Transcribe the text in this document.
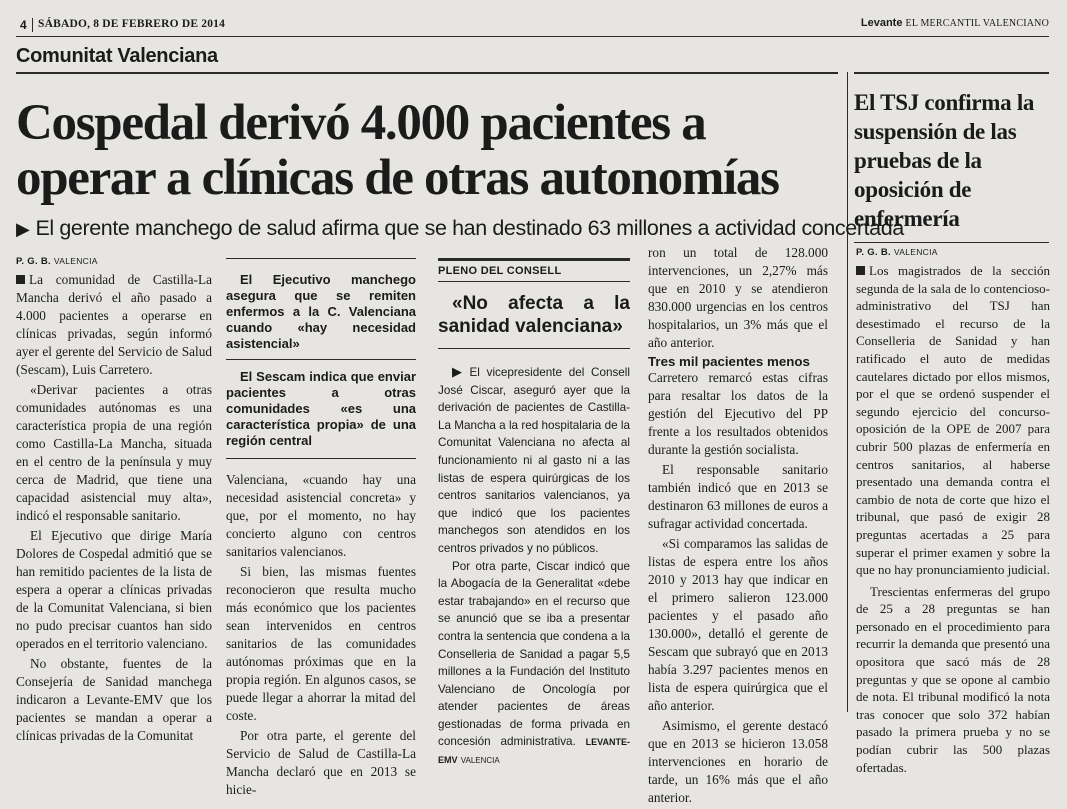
4 SÁBADO, 8 DE FEBRERO DE 2014	Levante EL MERCANTIL VALENCIANO
Comunitat Valenciana
Cospedal derivó 4.000 pacientes a operar a clínicas de otras autonomías
▶ El gerente manchego de salud afirma que se han destinado 63 millones a actividad concertada
P. G. B. VALENCIA

La comunidad de Castilla-La Mancha derivó el año pasado a 4.000 pacientes a operarse en clínicas privadas, según informó ayer el gerente del Servicio de Salud (Sescam), Luis Carretero.

«Derivar pacientes a otras comunidades autónomas es una característica propia de una región como Castilla-La Mancha, situada en el centro de la península y muy cerca de Madrid, que tiene una capacidad asistencial muy alta», indicó el responsable sanitario.

El Ejecutivo que dirige María Dolores de Cospedal admitió que se han remitido pacientes de la lista de espera a operar a clínicas privadas de la Comunitat Valenciana, si bien no pudo precisar cuantos han sido operados en el territorio valenciano.

No obstante, fuentes de la Consejería de Sanidad manchega indicaron a Levante-EMV que los pacientes se mandan a operar a clínicas privadas de la Comunitat

El Ejecutivo manchego asegura que se remiten enfermos a la C. Valenciana cuando «hay necesidad asistencial»

El Sescam indica que enviar pacientes a otras comunidades «es una característica propia» de una región central

Valenciana, «cuando hay una necesidad asistencial concreta» y que, por el momento, no hay concierto alguno con centros sanitarios valencianos.

Si bien, las mismas fuentes reconocieron que resulta mucho más económico que los pacientes sean intervenidos en centros sanitarios de las comunidades autónomas próximas que en la propia región. En algunos casos, se puede llegar a ahorrar la mitad del coste.

Por otra parte, el gerente del Servicio de Salud de Castilla-La Mancha declaró que en 2013 se hicie-

PLENO DEL CONSELL

«No afecta a la sanidad valenciana»

▶ El vicepresidente del Consell José Ciscar, aseguró ayer que la derivación de pacientes de Castilla-La Mancha a la red hospitalaria de la Comunitat Valenciana no afecta al funcionamiento ni al gasto ni a las listas de espera quirúrgicas de los centros sanitarios valencianos, ya que indicó que los pacientes manchegos son atendidos en los centros privados y no públicos.

Por otra parte, Ciscar indicó que la Abogacía de la Generalitat «debe estar trabajando» en el recurso que se anunció que se iba a presentar contra la sentencia que condena a la Conselleria de Sanidad a pagar 5,5 millones a la Fundación del Instituto Valenciano de Oncología por atender pacientes de áreas gestionadas de forma privada en concesión administrativa. LEVANTE-EMV VALENCIA

ron un total de 128.000 intervenciones, un 2,27% más que en 2010 y se atendieron 830.000 urgencias en los centros hospitalarios, un 3% más que el año anterior.

Tres mil pacientes menos

Carretero remarcó estas cifras para resaltar los datos de la gestión del Ejecutivo del PP frente a los resultados obtenidos durante la gestión socialista.

El responsable sanitario también indicó que en 2013 se destinaron 63 millones de euros a sufragar actividad concertada.

«Si comparamos las salidas de listas de espera entre los años 2010 y 2013 hay que indicar en el primero salieron 123.000 pacientes y el pasado año 130.000», detalló el gerente de Sescam que subrayó que en 2013 había 3.297 pacientes menos en lista de espera quirúrgica que el año anterior.

Asimismo, el gerente destacó que en 2013 se hicieron 13.058 intervenciones en horario de tarde, un 16% más que el año anterior.

El TSJ confirma la suspensión de las pruebas de la oposición de enfermería
P. G. B. VALENCIA

Los magistrados de la sección segunda de la sala de lo contencioso-administrativo del TSJ han desestimado el recurso de la Conselleria de Sanidad y han ratificado el auto de medidas cautelares dictado por ellos mismos, por el que se ordenó suspender el segundo ejercicio del concurso-oposición de la OPE de 2007 para cubrir 500 plazas de enfermería en centros sanitarios, al haberse presentado una demanda contra el cambio de nota de corte que hizo el tribunal, que pasó de exigir 28 preguntas acertadas a 25 para superar el primer examen y sobre la que no hay pronunciamiento judicial.

Trescientas enfermeras del grupo de 25 a 28 preguntas se han personado en el procedimiento para recurrir la demanda que presentó una opositora que sacó más de 28 preguntas y que se opone al cambio de nota. El tribunal modificó la nota tras conocer que solo 372 habían pasado la primera prueba y no se podían cubrir las 500 plazas ofertadas.
